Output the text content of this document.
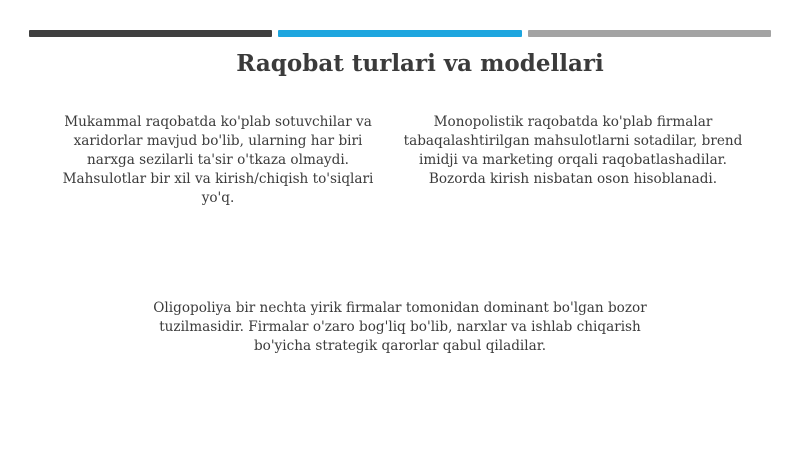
Raqobat turlari va modellari
Mukammal raqobatda ko'plab sotuvchilar va xaridorlar mavjud bo'lib, ularning har biri narxga sezilarli ta'sir o'tkaza olmaydi. Mahsulotlar bir xil va kirish/chiqish to'siqlari yo'q.
Monopolistik raqobatda ko'plab firmalar tabaqalashtirilgan mahsulotlarni sotadilar, brend imidji va marketing orqali raqobatlashadilar. Bozorda kirish nisbatan oson hisoblanadi.
Oligopoliya bir nechta yirik firmalar tomonidan dominant bo'lgan bozor tuzilmasidir. Firmalar o'zaro bog'liq bo'lib, narxlar va ishlab chiqarish bo'yicha strategik qarorlar qabul qiladilar.
